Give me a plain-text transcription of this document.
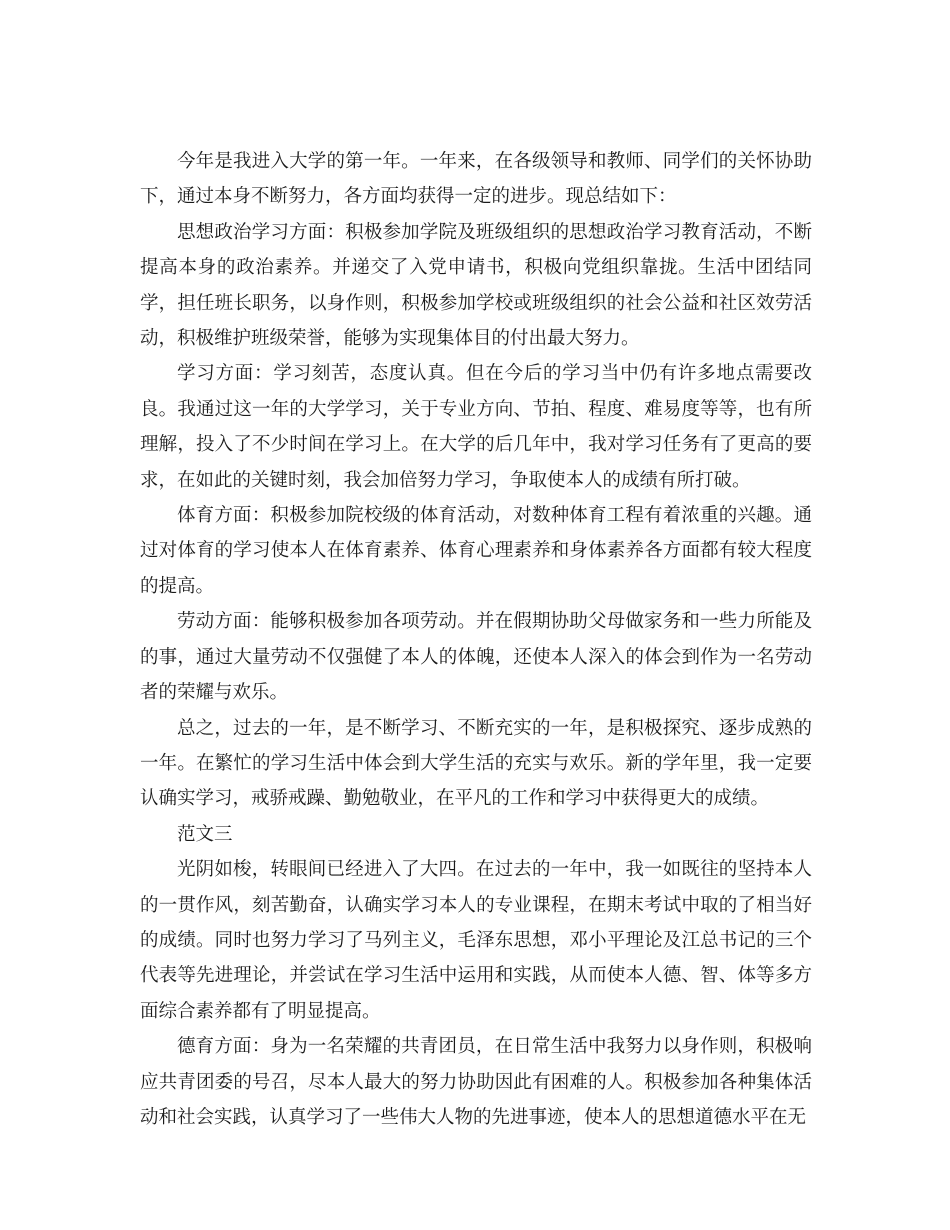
今年是我进入大学的第一年。一年来，在各级领导和教师、同学们的关怀协助下，通过本身不断努力，各方面均获得一定的进步。现总结如下：

思想政治学习方面：积极参加学院及班级组织的思想政治学习教育活动，不断提高本身的政治素养。并递交了入党申请书，积极向党组织靠拢。生活中团结同学，担任班长职务，以身作则，积极参加学校或班级组织的社会公益和社区效劳活动，积极维护班级荣誉，能够为实现集体目的付出最大努力。

学习方面：学习刻苦，态度认真。但在今后的学习当中仍有许多地点需要改良。我通过这一年的大学学习，关于专业方向、节拍、程度、难易度等等，也有所理解，投入了不少时间在学习上。在大学的后几年中，我对学习任务有了更高的要求，在如此的关键时刻，我会加倍努力学习，争取使本人的成绩有所打破。

体育方面：积极参加院校级的体育活动，对数种体育工程有着浓重的兴趣。通过对体育的学习使本人在体育素养、体育心理素养和身体素养各方面都有较大程度的提高。

劳动方面：能够积极参加各项劳动。并在假期协助父母做家务和一些力所能及的事，通过大量劳动不仅强健了本人的体魄，还使本人深入的体会到作为一名劳动者的荣耀与欢乐。

总之，过去的一年，是不断学习、不断充实的一年，是积极探究、逐步成熟的一年。在繁忙的学习生活中体会到大学生活的充实与欢乐。新的学年里，我一定要认确实学习，戒骄戒躁、勤勉敬业，在平凡的工作和学习中获得更大的成绩。

范文三

光阴如梭，转眼间已经进入了大四。在过去的一年中，我一如既往的坚持本人的一贯作风，刻苦勤奋，认确实学习本人的专业课程，在期末考试中取的了相当好的成绩。同时也努力学习了马列主义，毛泽东思想，邓小平理论及江总书记的三个代表等先进理论，并尝试在学习生活中运用和实践，从而使本人德、智、体等多方面综合素养都有了明显提高。

德育方面：身为一名荣耀的共青团员，在日常生活中我努力以身作则，积极响应共青团委的号召，尽本人最大的努力协助因此有困难的人。积极参加各种集体活动和社会实践，认真学习了一些伟大人物的先进事迹，使本人的思想道德水平在无
